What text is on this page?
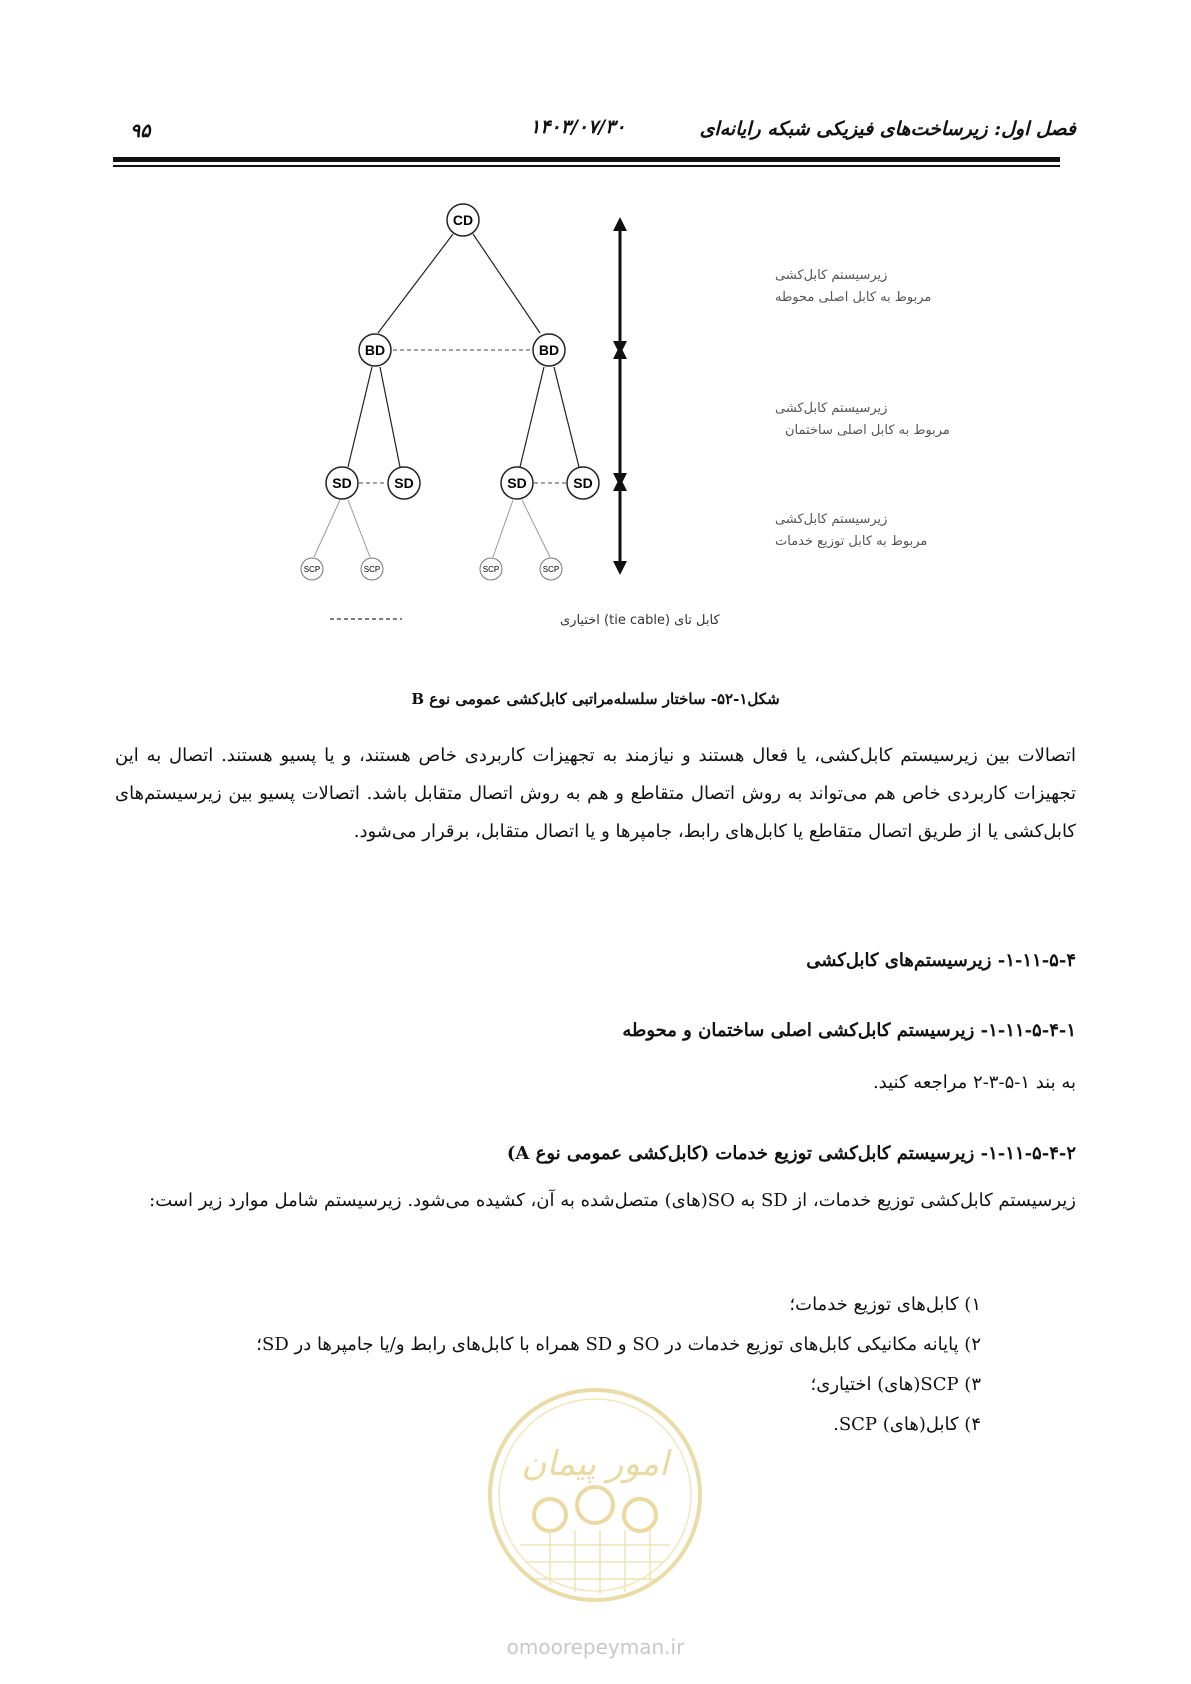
فصل اول: زیرساخت‌های فیزیکی شبکه رایانه‌ای
۱۴۰۳/۰۷/۳۰
۹۵
CD
BD	BD
SD	SD	SD	SD
SCP	SCP	SCP	SCP
زیرسیستم کابل‌کشی
مربوط به کابل اصلی محوطه
زیرسیستم کابل‌کشی
مربوط به کابل اصلی ساختمان
زیرسیستم کابل‌کشی
مربوط به کابل توزیع خدمات
کابل تای (tie cable) اختیاری
شکل۱-۵۲- ساختار سلسله‌مراتبی کابل‌کشی عمومی نوع B
اتصالات بین زیرسیستم کابل‌کشی، یا فعال هستند و نیازمند به تجهیزات کاربردی خاص هستند، و یا پسیو هستند. اتصال به این تجهیزات کاربردی خاص هم می‌تواند به روش اتصال متقاطع و هم به روش اتصال متقابل باشد. اتصالات پسیو بین زیرسیستم‌های کابل‌کشی یا از طریق اتصال متقاطع یا کابل‌های رابط، جامپرها و یا اتصال متقابل، برقرار می‌شود.
۱-۱۱-۵-۴- زیرسیستم‌های کابل‌کشی
۱-۱۱-۵-۴-۱- زیرسیستم کابل‌کشی اصلی ساختمان و محوطه
به بند ۱-۵-۳-۲ مراجعه کنید.
۱-۱۱-۵-۴-۲- زیرسیستم کابل‌کشی توزیع خدمات (کابل‌کشی عمومی نوع A)
زیرسیستم کابل‌کشی توزیع خدمات، از SD به SO(های) متصل‌شده به آن، کشیده می‌شود. زیرسیستم شامل موارد زیر است:
۱) کابل‌های توزیع خدمات؛
۲) پایانه مکانیکی کابل‌های توزیع خدمات در SO و SD همراه با کابل‌های رابط و/یا جامپرها در SD؛
۳) SCP(های) اختیاری؛
۴) کابل(های) SCP.
امور پیمان
omoorepeyman.ir
